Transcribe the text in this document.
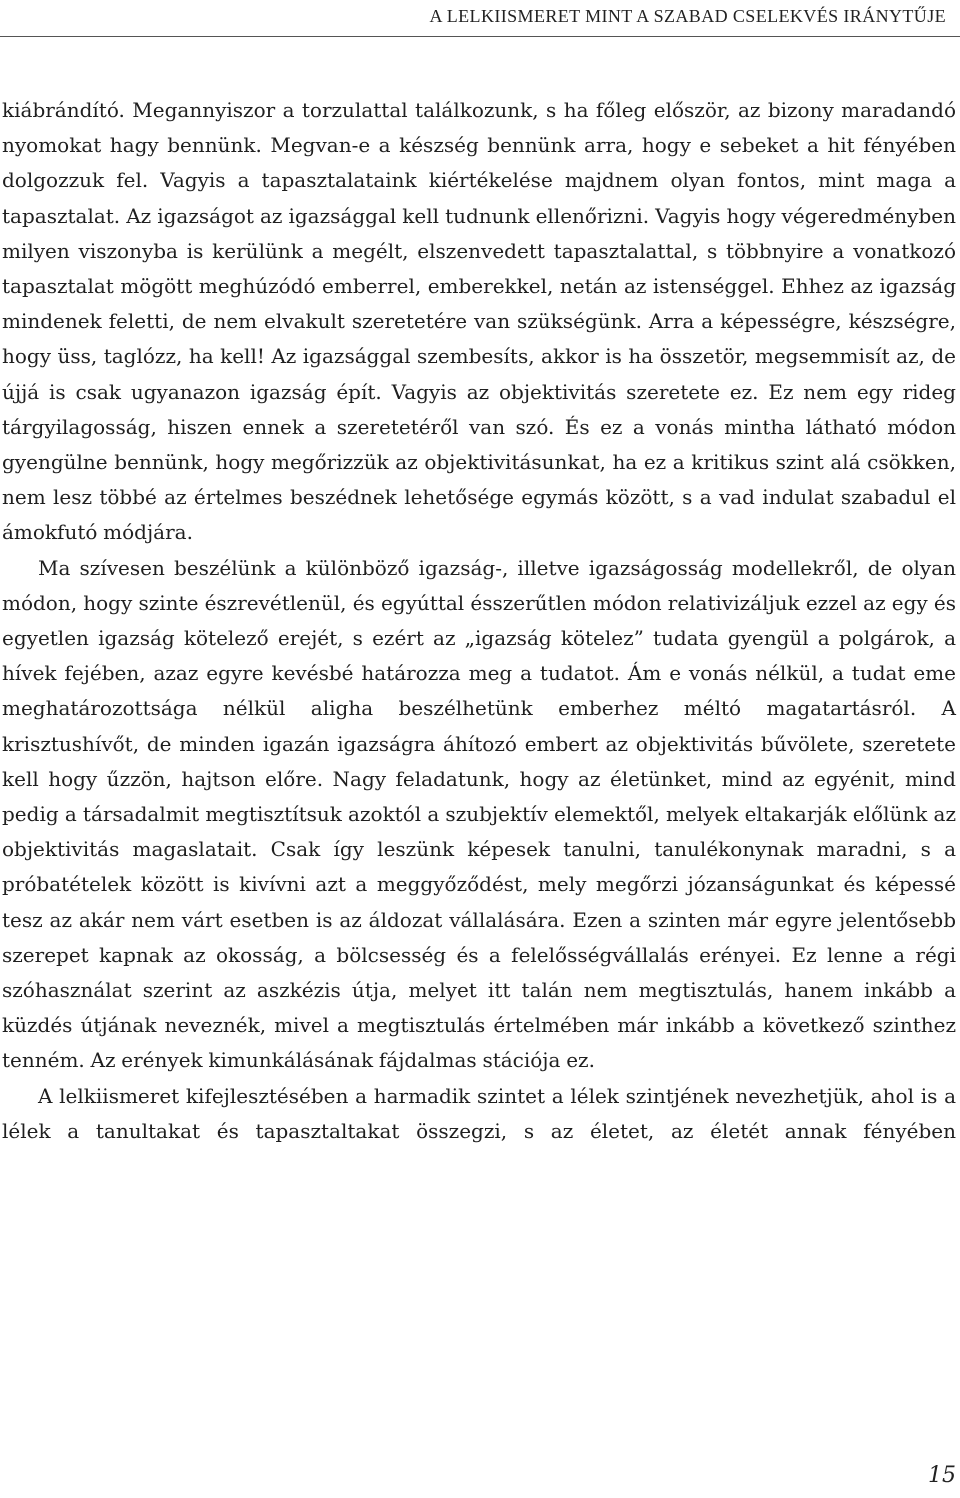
A LELKIISMERET MINT A SZABAD CSELEKVÉS IRÁNYTŰJE

kiábrándító. Megannyiszor a torzulattal találkozunk, s ha főleg először, az bizony maradandó nyomokat hagy bennünk. Megvan-e a készség bennünk arra, hogy e sebeket a hit fényében dolgozzuk fel. Vagyis a tapasztalataink kiértékelése majdnem olyan fontos, mint maga a tapasztalat. Az igazságot az igazsággal kell tudnunk ellenőrizni. Vagyis hogy végeredményben milyen viszonyba is kerülünk a megélt, elszenvedett tapasztalattal, s többnyire a vonatkozó tapasztalat mögött meghúzódó emberrel, emberekkel, netán az istenséggel. Ehhez az igazság mindenek feletti, de nem elvakult szeretetére van szükségünk. Arra a képességre, készségre, hogy üss, taglózz, ha kell! Az igazsággal szembesíts, akkor is ha összetör, megsemmisít az, de újjá is csak ugyanazon igazság épít. Vagyis az objektivitás szeretete ez. Ez nem egy rideg tárgyilagosság, hiszen ennek a szeretetéről van szó. És ez a vonás mintha látható módon gyengülne bennünk, hogy megőrizzük az objektivitásunkat, ha ez a kritikus szint alá csökken, nem lesz többé az értelmes beszédnek lehetősége egymás között, s a vad indulat szabadul el ámokfutó módjára.

Ma szívesen beszélünk a különböző igazság-, illetve igazságosság modellekről, de olyan módon, hogy szinte észrevétlenül, és egyúttal ésszerűtlen módon relativizáljuk ezzel az egy és egyetlen igazság kötelező erejét, s ezért az „igazság kötelez” tudata gyengül a polgárok, a hívek fejében, azaz egyre kevésbé határozza meg a tudatot. Ám e vonás nélkül, a tudat eme meghatározottsága nélkül aligha beszélhetünk emberhez méltó magatartásról. A krisztushívőt, de minden igazán igazságra áhítozó embert az objektivitás bűvölete, szeretete kell hogy űzzön, hajtson előre. Nagy feladatunk, hogy az életünket, mind az egyénit, mind pedig a társadalmit megtisztítsuk azoktól a szubjektív elemektől, melyek eltakarják előlünk az objektivitás magaslatait. Csak így leszünk képesek tanulni, tanulékonynak maradni, s a próbatételek között is kivívni azt a meggyőződést, mely megőrzi józanságunkat és képessé tesz az akár nem várt esetben is az áldozat vállalására. Ezen a szinten már egyre jelentősebb szerepet kapnak az okosság, a bölcsesség és a felelősségvállalás erényei. Ez lenne a régi szóhasználat szerint az aszkézis útja, melyet itt talán nem megtisztulás, hanem inkább a küzdés útjának neveznék, mivel a megtisztulás értelmében már inkább a következő szinthez tenném. Az erények kimunkálásának fájdalmas stációja ez.

A lelkiismeret kifejlesztésében a harmadik szintet a lélek szintjének nevezhetjük, ahol is a lélek a tanultakat és tapasztaltakat összegzi, s az életet, az életét annak fényében

15
